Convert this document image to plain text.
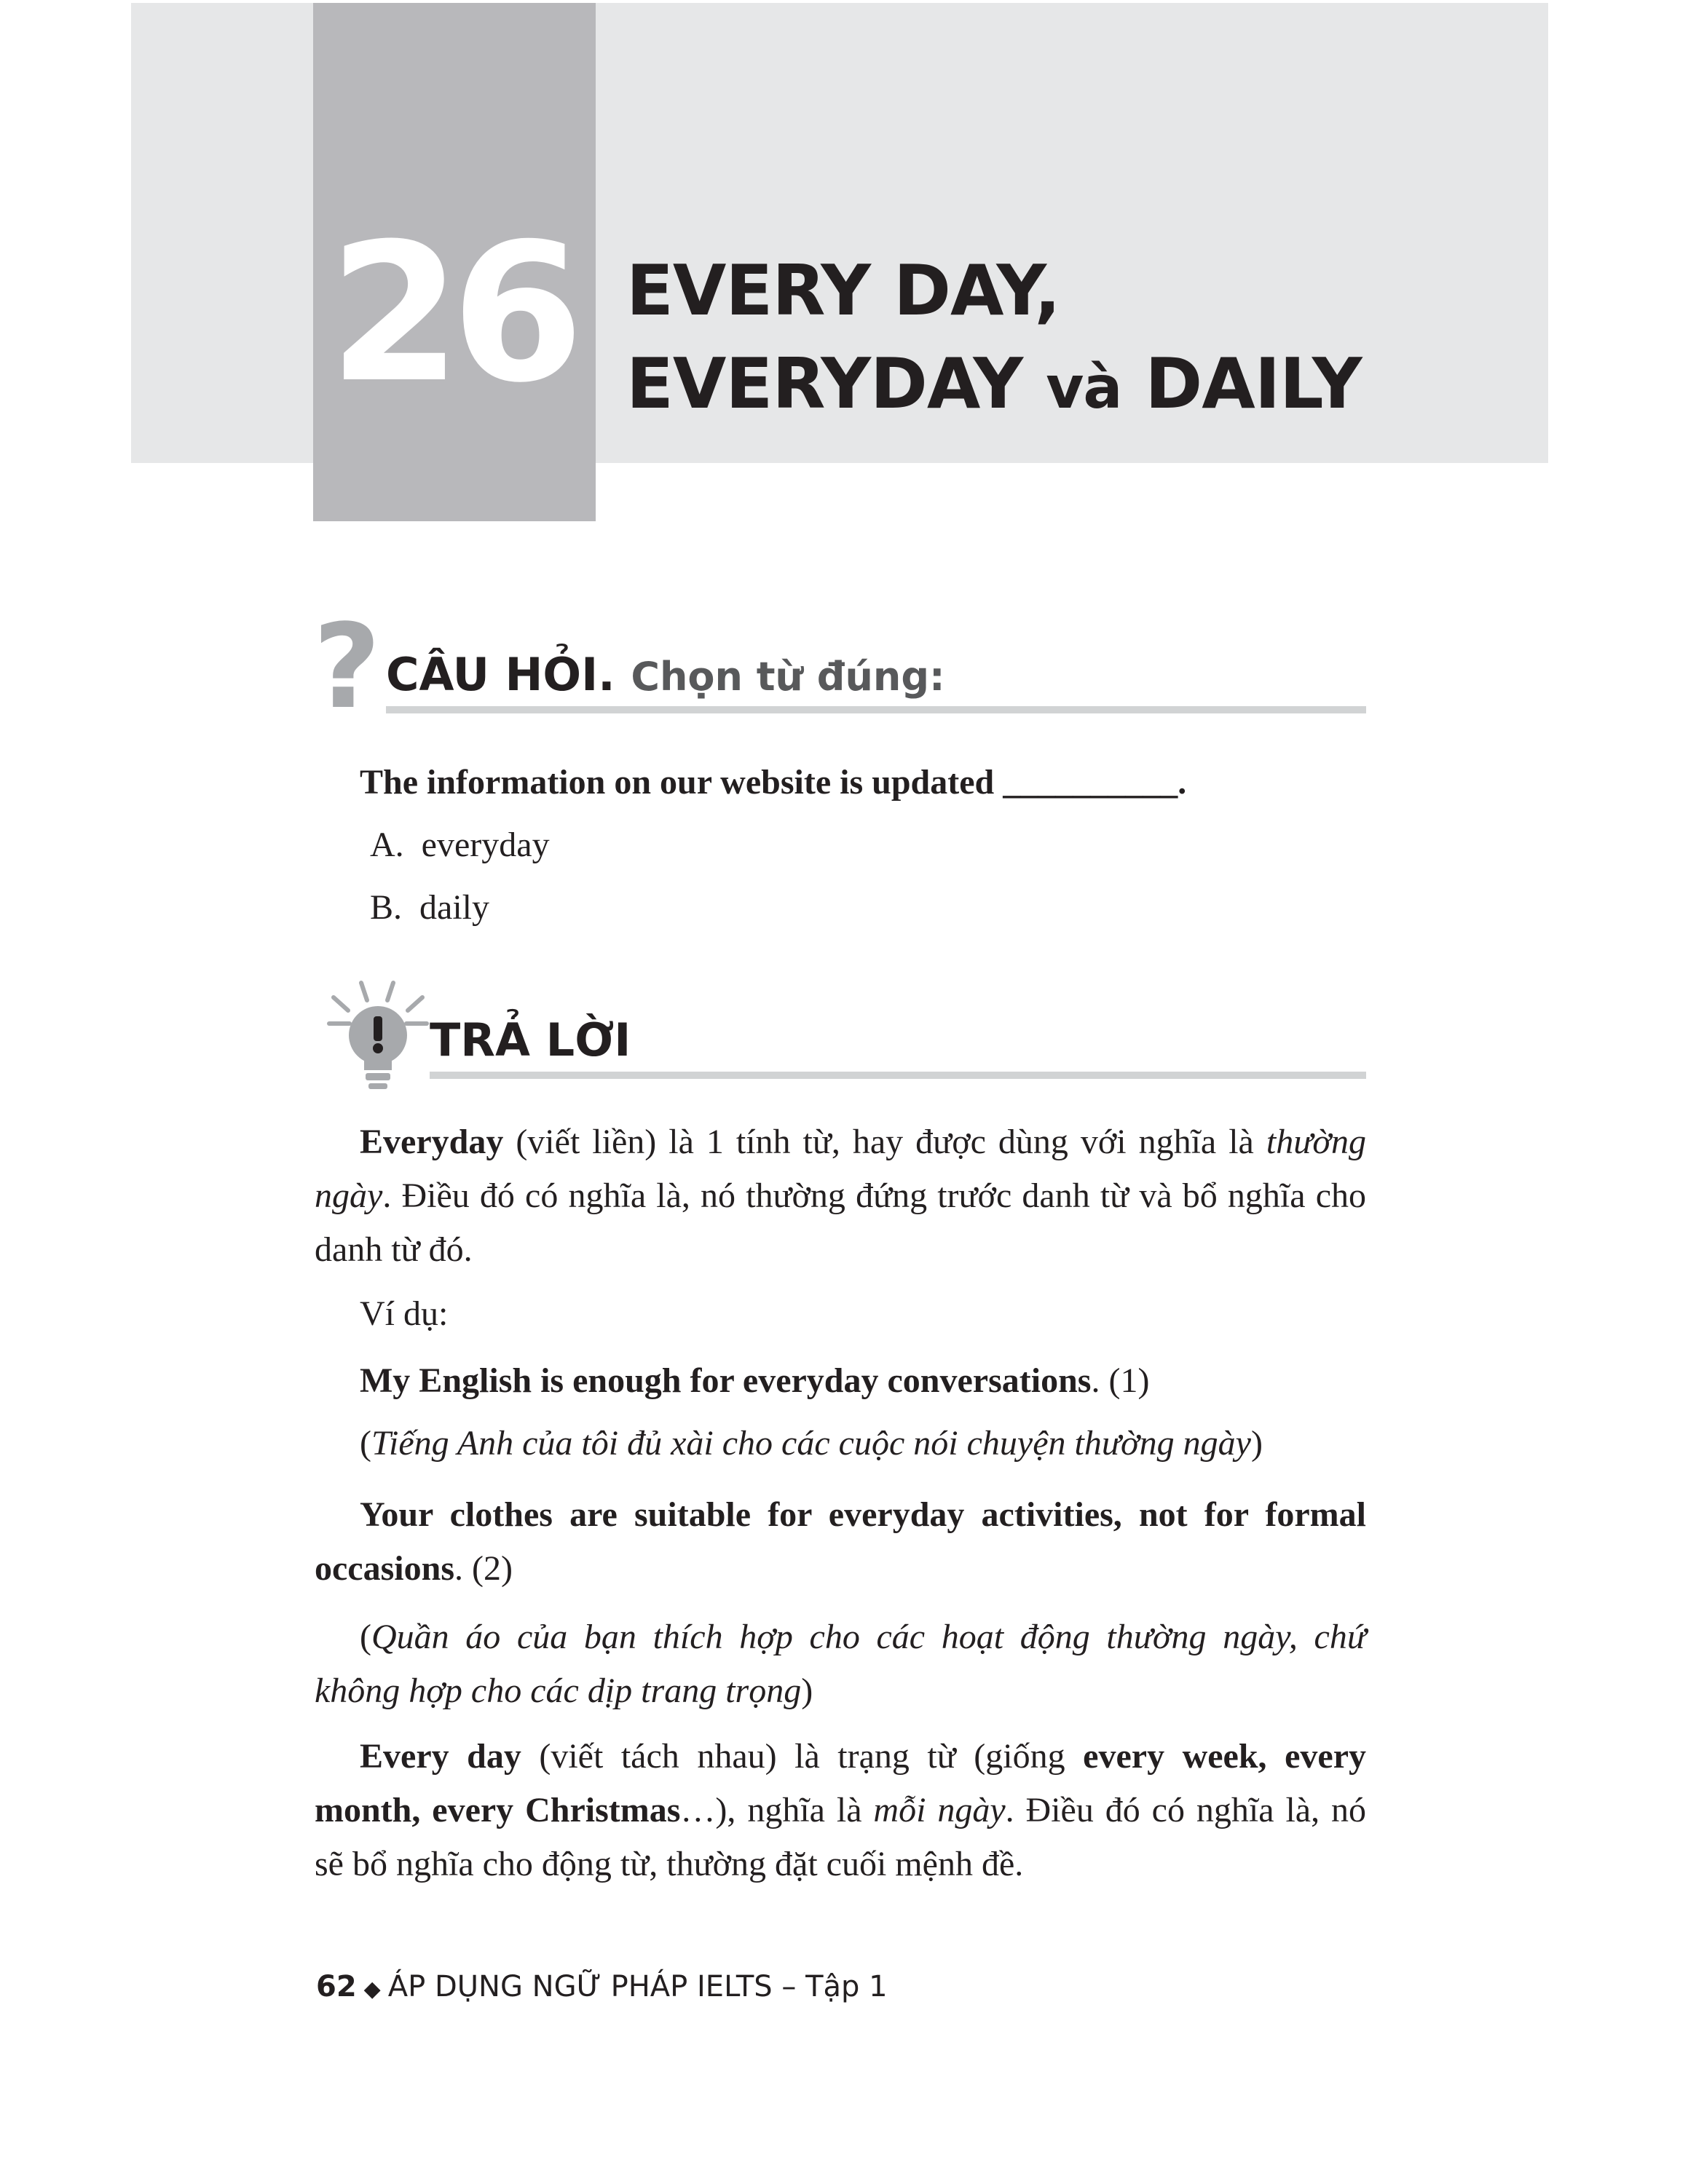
26 EVERY DAY,
EVERYDAY và DAILY
? CÂU HỎI. Chọn từ đúng:
The information on our website is updated __________.
A. everyday
B. daily
TRẢ LỜI
Everyday (viết liền) là 1 tính từ, hay được dùng với nghĩa là thường ngày. Điều đó có nghĩa là, nó thường đứng trước danh từ và bổ nghĩa cho danh từ đó.
Ví dụ:
My English is enough for everyday conversations. (1)
(Tiếng Anh của tôi đủ xài cho các cuộc nói chuyện thường ngày)
Your clothes are suitable for everyday activities, not for formal occasions. (2)
(Quần áo của bạn thích hợp cho các hoạt động thường ngày, chứ không hợp cho các dịp trang trọng)
Every day (viết tách nhau) là trạng từ (giống every week, every month, every Christmas…), nghĩa là mỗi ngày. Điều đó có nghĩa là, nó sẽ bổ nghĩa cho động từ, thường đặt cuối mệnh đề.
62 ◆ ÁP DỤNG NGỮ PHÁP IELTS – Tập 1
